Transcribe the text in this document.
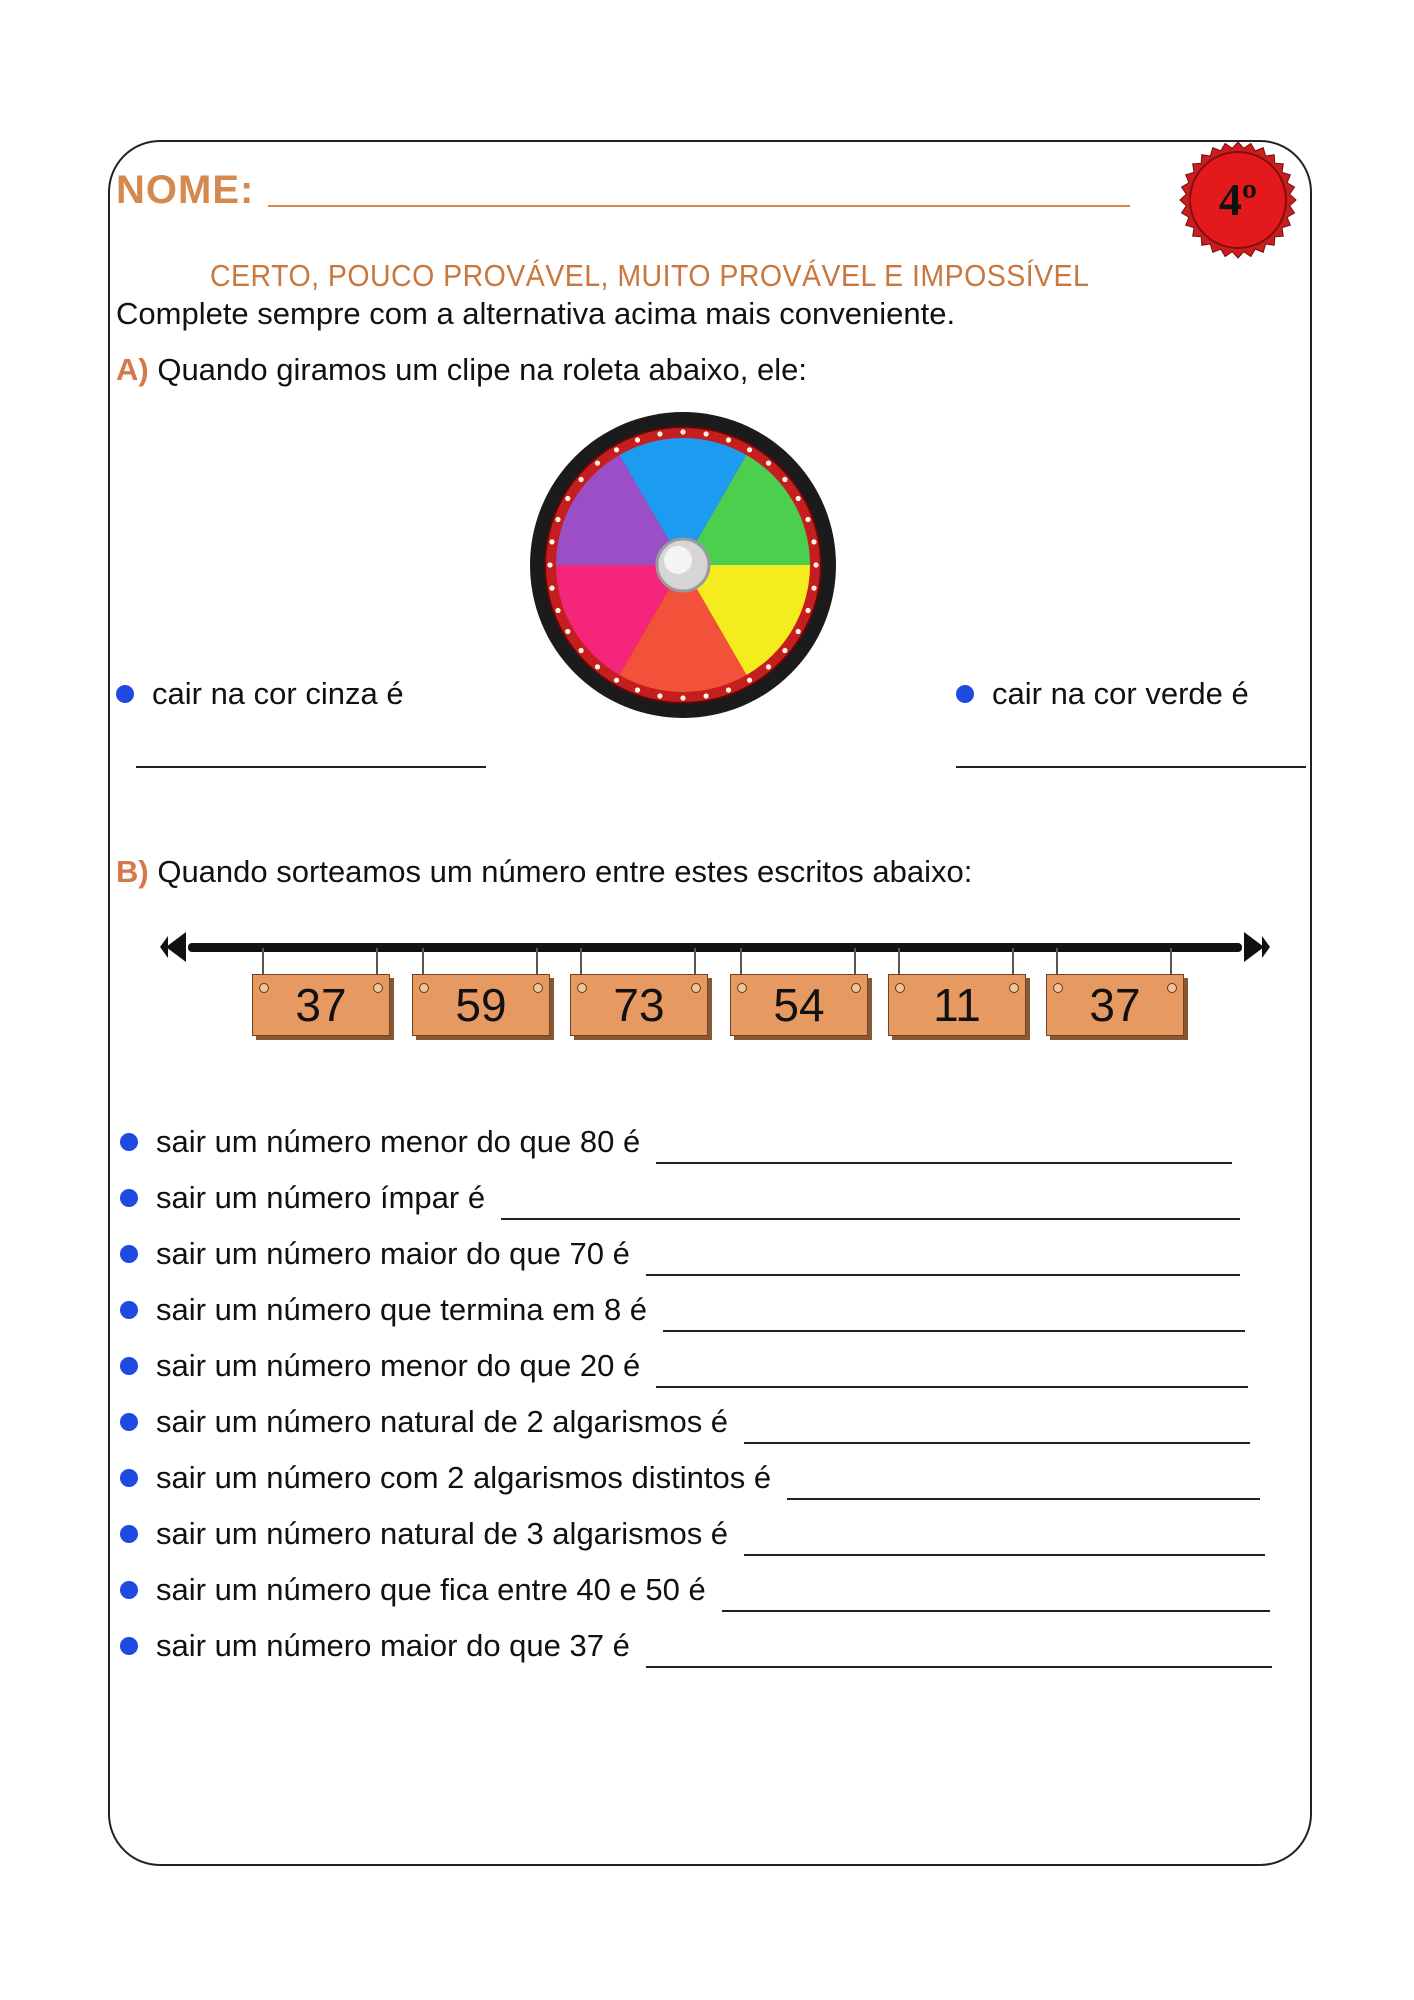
NOME:	4º
CERTO, POUCO PROVÁVEL, MUITO PROVÁVEL E IMPOSSÍVEL
Complete sempre com a alternativa acima mais conveniente.
A) Quando giramos um clipe na roleta abaixo, ele:
cair na cor cinza é	cair na cor verde é
B) Quando sorteamos um número entre estes escritos abaixo:
37	59	73	54	11	37
sair um número menor do que 80 é
sair um número ímpar é
sair um número maior do que 70 é
sair um número que termina em 8 é
sair um número menor do que 20 é
sair um número natural de 2 algarismos é
sair um número com 2 algarismos distintos é
sair um número natural de 3 algarismos é
sair um número que fica entre 40 e 50 é
sair um número maior do que 37 é
